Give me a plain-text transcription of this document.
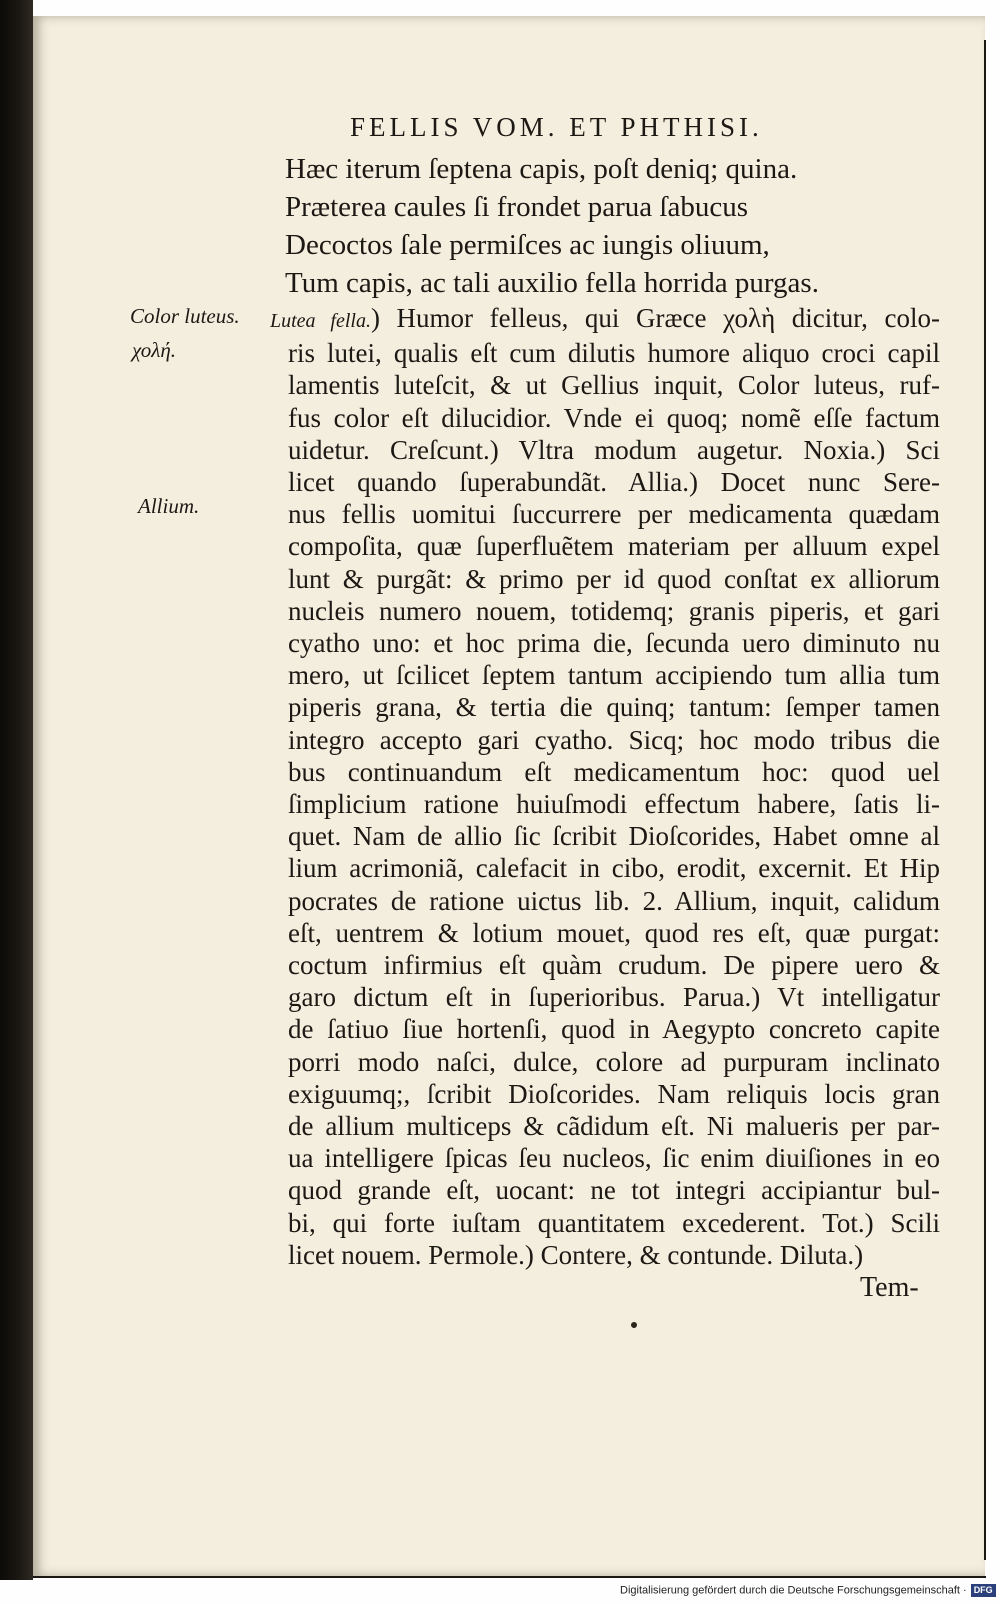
FELLIS VOM. ET PHTHISI.
Hæc iterum ſeptena capis, poſt deniq; quina.
Præterea caules ſi frondet parua ſabucus
Decoctos ſale permiſces ac iungis oliuum,
Tum capis, ac tali auxilio fella horrida purgas.
Color luteus.
χολή.
Allium.
Lutea fella.) Humor felleus, qui Græce χολὴ dicitur, colo-
ris lutei, qualis eſt cum dilutis humore aliquo croci capil
lamentis luteſcit, & ut Gellius inquit, Color luteus, ruf-
fus color eſt dilucidior. Vnde ei quoq; nomẽ eſſe factum
uidetur. Creſcunt.) Vltra modum augetur. Noxia.) Sci
licet quando ſuperabundãt. Allia.) Docet nunc Sere-
nus fellis uomitui ſuccurrere per medicamenta quædam
compoſita, quæ ſuperfluẽtem materiam per alluum expel
lunt & purgãt: & primo per id quod conſtat ex alliorum
nucleis numero nouem, totidemq; granis piperis, et gari
cyatho uno: et hoc prima die, ſecunda uero diminuto nu
mero, ut ſcilicet ſeptem tantum accipiendo tum allia tum
piperis grana, & tertia die quinq; tantum: ſemper tamen
integro accepto gari cyatho. Sicq; hoc modo tribus die
bus continuandum eſt medicamentum hoc: quod uel
ſimplicium ratione huiuſmodi effectum habere, ſatis li-
quet. Nam de allio ſic ſcribit Dioſcorides, Habet omne al
lium acrimoniã, calefacit in cibo, erodit, excernit. Et Hip
pocrates de ratione uictus lib. 2. Allium, inquit, calidum
eſt, uentrem & lotium mouet, quod res eſt, quæ purgat:
coctum infirmius eſt quàm crudum. De pipere uero &
garo dictum eſt in ſuperioribus. Parua.) Vt intelligatur
de ſatiuo ſiue hortenſi, quod in Aegypto concreto capite
porri modo naſci, dulce, colore ad purpuram inclinato
exiguumq;, ſcribit Dioſcorides. Nam reliquis locis gran
de allium multiceps & cãdidum eſt. Ni malueris per par-
ua intelligere ſpicas ſeu nucleos, ſic enim diuiſiones in eo
quod grande eſt, uocant: ne tot integri accipiantur bul-
bi, qui forte iuſtam quantitatem excederent. Tot.) Scili
licet nouem. Permole.) Contere, & contunde. Diluta.)
Tem-
Digitalisierung gefördert durch die Deutsche Forschungsgemeinschaft · DFG
